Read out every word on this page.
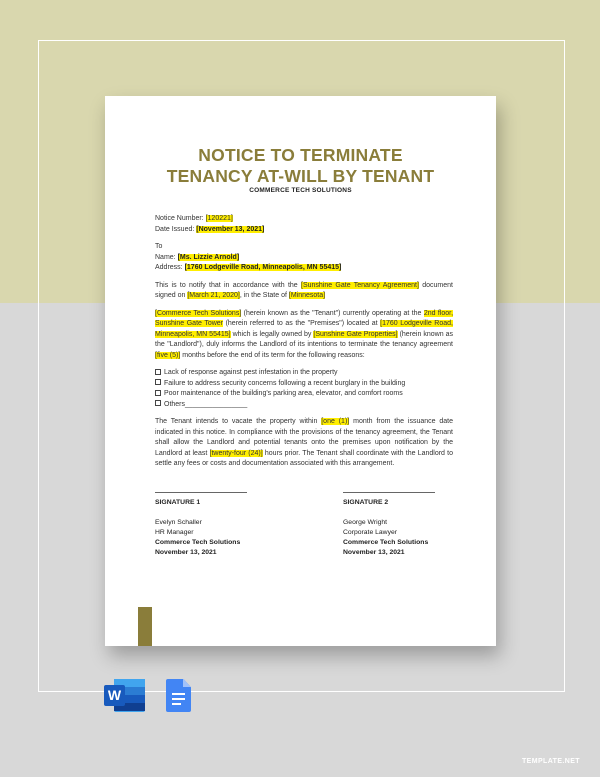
NOTICE TO TERMINATE
TENANCY AT-WILL BY TENANT
COMMERCE TECH SOLUTIONS
Notice Number: [120221]
Date Issued: [November 13, 2021]
To
Name: [Ms. Lizzie Arnold]
Address: [1760 Lodgeville Road, Minneapolis, MN 55415]
This is to notify that in accordance with the [Sunshine Gate Tenancy Agreement] document signed on [March 21, 2020], in the State of [Minnesota]
[Commerce Tech Solutions] (herein known as the "Tenant") currently operating at the 2nd floor, Sunshine Gate Tower (herein referred to as the "Premises") located at [1760 Lodgeville Road, Minneapolis, MN 55415] which is legally owned by [Sunshine Gate Properties] (herein known as the "Landlord"), duly informs the Landlord of its intentions to terminate the tenancy agreement [five (5)] months before the end of its term for the following reasons:
Lack of response against pest infestation in the property
Failure to address security concerns following a recent burglary in the building
Poor maintenance of the building's parking area, elevator, and comfort rooms
Others________________
The Tenant intends to vacate the property within [one (1)] month from the issuance date indicated in this notice. In compliance with the provisions of the tenancy agreement, the Tenant shall allow the Landlord and potential tenants onto the premises upon notification by the Landlord at least [twenty-four (24)] hours prior. The Tenant shall coordinate with the Landlord to settle any fees or costs and documentation associated with this arrangement.
SIGNATURE 1
Evelyn Schaller
HR Manager
Commerce Tech Solutions
November 13, 2021
SIGNATURE 2
George Wright
Corporate Lawyer
Commerce Tech Solutions
November 13, 2021
W
TEMPLATE.NET
